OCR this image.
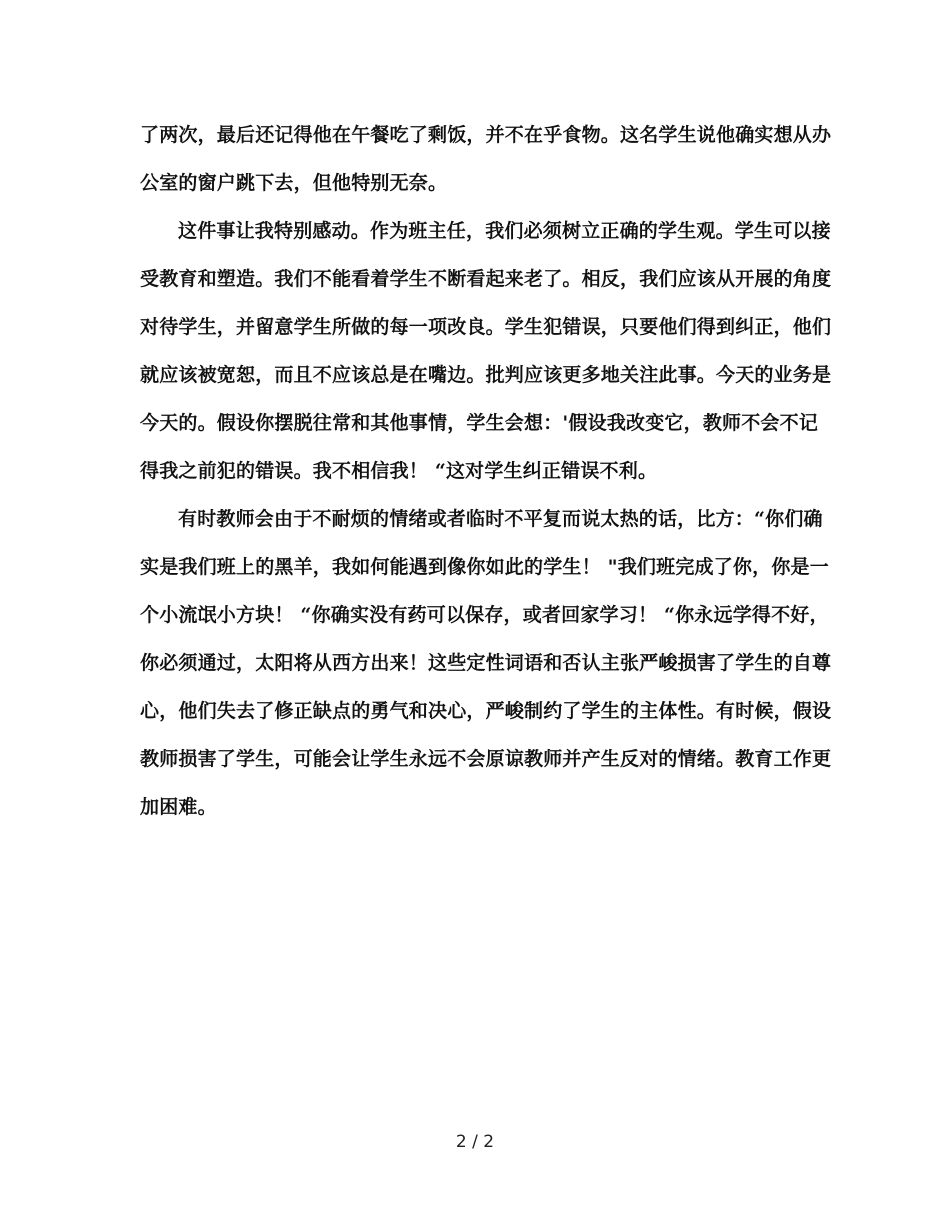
了两次，最后还记得他在午餐吃了剩饭，并不在乎食物。这名学生说他确实想从办
公室的窗户跳下去，但他特别无奈。
这件事让我特别感动。作为班主任，我们必须树立正确的学生观。学生可以接
受教育和塑造。我们不能看着学生不断看起来老了。相反，我们应该从开展的角度
对待学生，并留意学生所做的每一项改良。学生犯错误，只要他们得到纠正，他们
就应该被宽恕，而且不应该总是在嘴边。批判应该更多地关注此事。今天的业务是
今天的。假设你摆脱往常和其他事情，学生会想：'假设我改变它，教师不会不记
得我之前犯的错误。我不相信我！ “这对学生纠正错误不利。
有时教师会由于不耐烦的情绪或者临时不平复而说太热的话，比方：“你们确
实是我们班上的黑羊，我如何能遇到像你如此的学生！ "我们班完成了你，你是一
个小流氓小方块！ “你确实没有药可以保存，或者回家学习！ “你永远学得不好，
你必须通过，太阳将从西方出来！这些定性词语和否认主张严峻损害了学生的自尊
心，他们失去了修正缺点的勇气和决心，严峻制约了学生的主体性。有时候，假设
教师损害了学生，可能会让学生永远不会原谅教师并产生反对的情绪。教育工作更
加困难。
2 / 2
